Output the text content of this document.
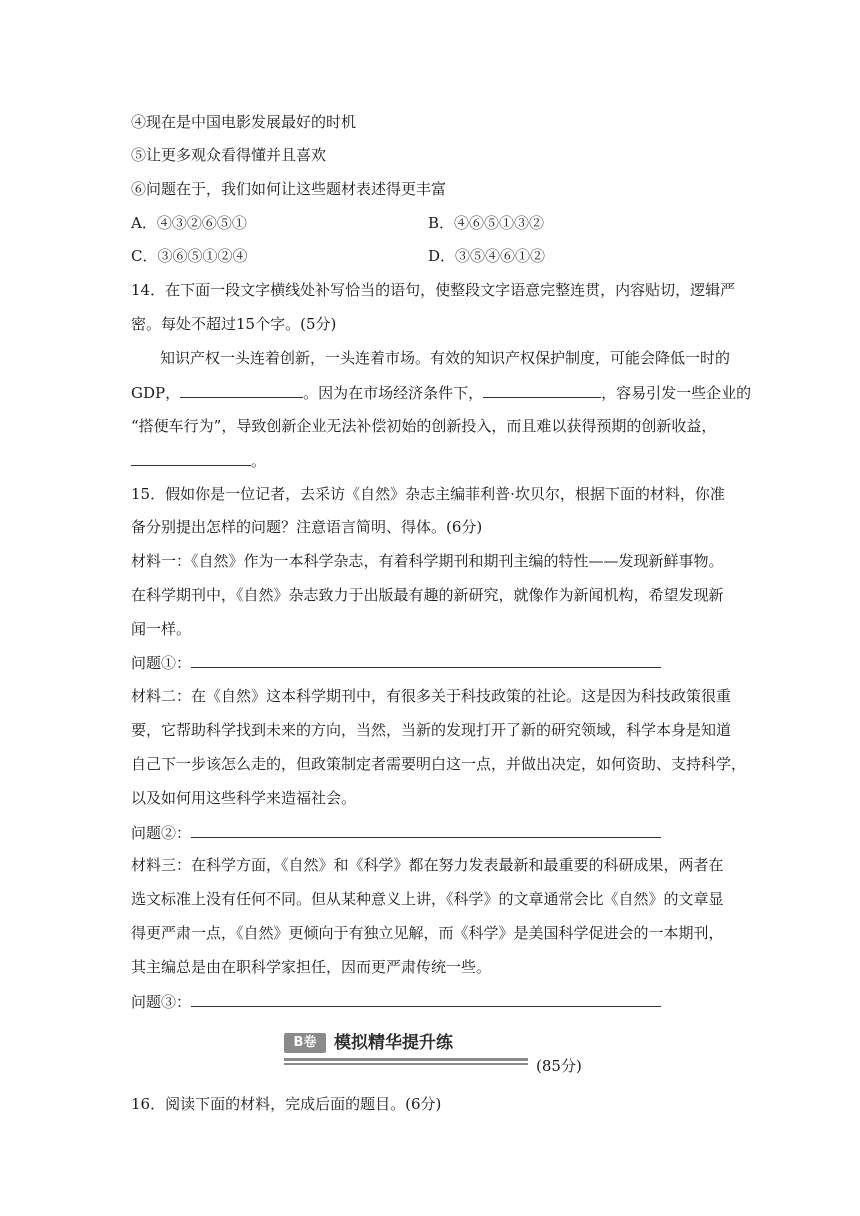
④现在是中国电影发展最好的时机
⑤让更多观众看得懂并且喜欢
⑥问题在于，我们如何让这些题材表述得更丰富
A．④③②⑥⑤①	B．④⑥⑤①③②
C．③⑥⑤①②④	D．③⑤④⑥①②
14．在下面一段文字横线处补写恰当的语句，使整段文字语意完整连贯，内容贴切，逻辑严
密。每处不超过15个字。(5分)
知识产权一头连着创新，一头连着市场。有效的知识产权保护制度，可能会降低一时的
GDP，	。因为在市场经济条件下，	，容易引发一些企业的
“搭便车行为”，导致创新企业无法补偿初始的创新投入，而且难以获得预期的创新收益，
。
15．假如你是一位记者，去采访《自然》杂志主编菲利普·坎贝尔，根据下面的材料，你准
备分别提出怎样的问题？注意语言简明、得体。(6分)
材料一：《自然》作为一本科学杂志，有着科学期刊和期刊主编的特性——发现新鲜事物。
在科学期刊中，《自然》杂志致力于出版最有趣的新研究，就像作为新闻机构，希望发现新
闻一样。
问题①：
材料二：在《自然》这本科学期刊中，有很多关于科技政策的社论。这是因为科技政策很重
要，它帮助科学找到未来的方向，当然，当新的发现打开了新的研究领域，科学本身是知道
自己下一步该怎么走的，但政策制定者需要明白这一点，并做出决定，如何资助、支持科学，
以及如何用这些科学来造福社会。
问题②：
材料三：在科学方面，《自然》和《科学》都在努力发表最新和最重要的科研成果，两者在
选文标准上没有任何不同。但从某种意义上讲，《科学》的文章通常会比《自然》的文章显
得更严肃一点，《自然》更倾向于有独立见解，而《科学》是美国科学促进会的一本期刊，
其主编总是由在职科学家担任，因而更严肃传统一些。
问题③：
B卷	模拟精华提升练
(85分)
16．阅读下面的材料，完成后面的题目。(6分)
